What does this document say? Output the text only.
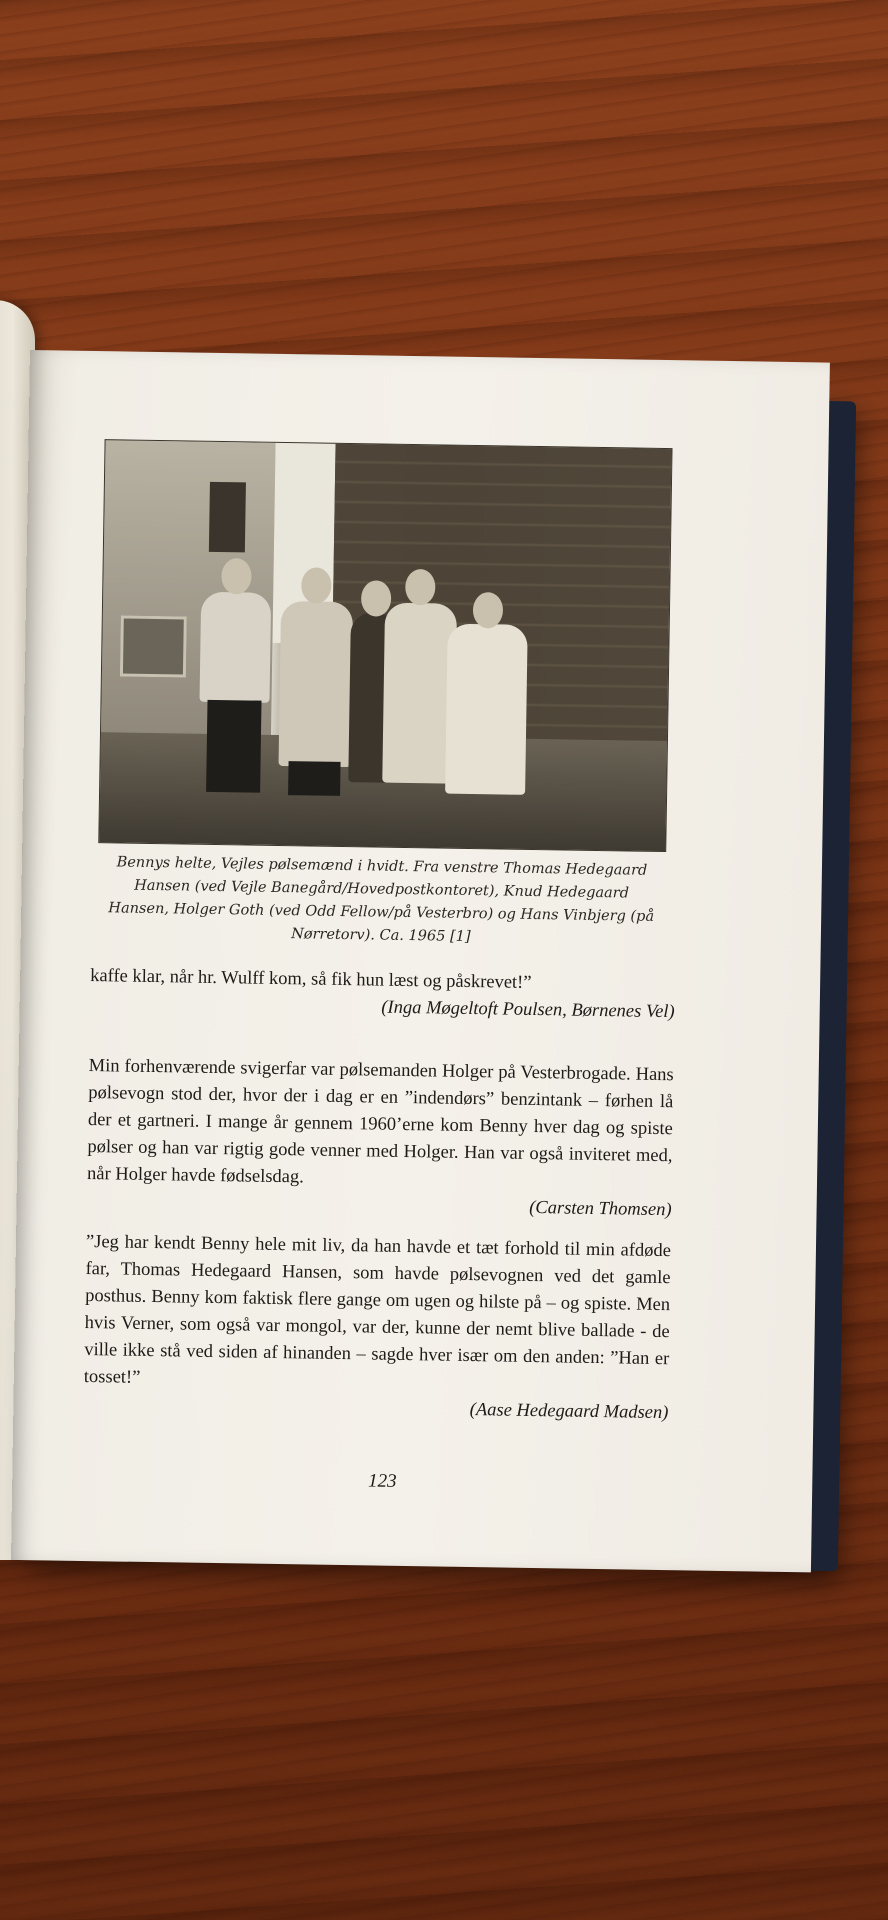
Bennys helte, Vejles pølsemænd i hvidt. Fra venstre Thomas Hedegaard Hansen (ved Vejle Banegård/Hovedpostkontoret), Knud Hedegaard Hansen, Holger Goth (ved Odd Fellow/på Vesterbro) og Hans Vinbjerg (på Nørretorv). Ca. 1965 [1]
kaffe klar, når hr. Wulff kom, så fik hun læst og påskrevet!”
(Inga Møgeltoft Poulsen, Børnenes Vel)
Min forhenværende svigerfar var pølsemanden Holger på Vesterbrogade. Hans pølsevogn stod der, hvor der i dag er en ”indendørs” benzintank – førhen lå der et gartneri. I mange år gennem 1960’erne kom Benny hver dag og spiste pølser og han var rigtig gode venner med Holger. Han var også inviteret med, når Holger havde fødselsdag.
(Carsten Thomsen)
”Jeg har kendt Benny hele mit liv, da han havde et tæt forhold til min afdøde far, Thomas Hedegaard Hansen, som havde pølsevognen ved det gamle posthus. Benny kom faktisk flere gange om ugen og hilste på – og spiste. Men hvis Verner, som også var mongol, var der, kunne der nemt blive ballade - de ville ikke stå ved siden af hinanden – sagde hver især om den anden: ”Han er tosset!”
(Aase Hedegaard Madsen)
123
